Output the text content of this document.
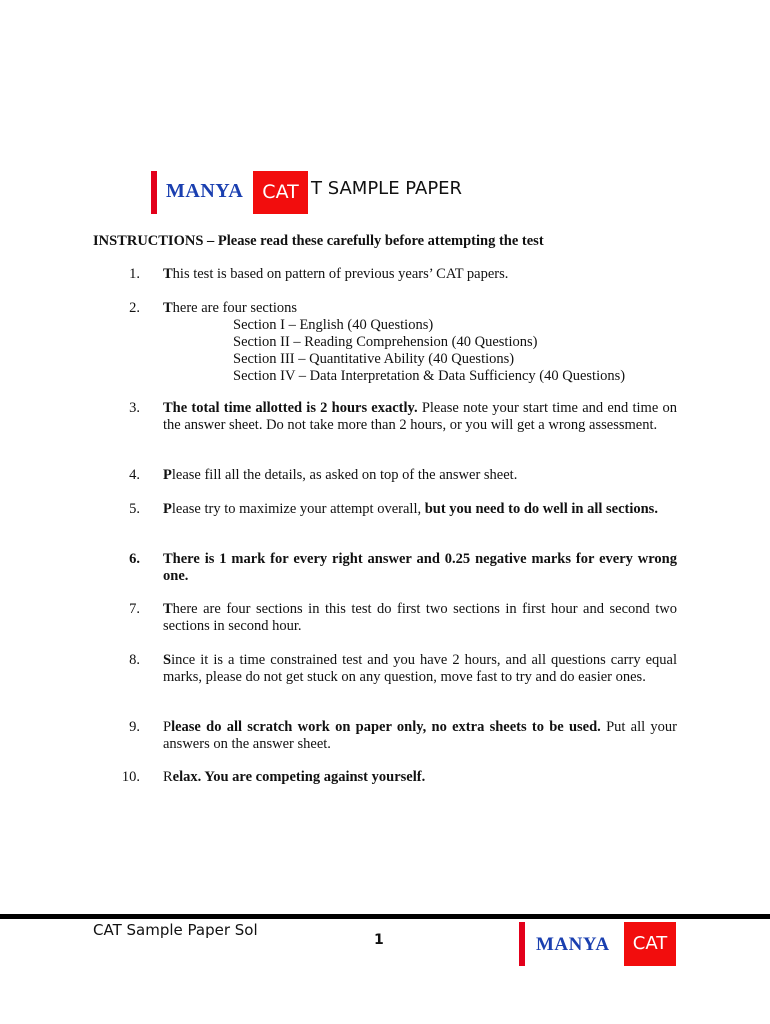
MANYA CAT T SAMPLE PAPER
INSTRUCTIONS – Please read these carefully before attempting the test
1. This test is based on pattern of previous years’ CAT papers.
2. There are four sections
Section I – English (40 Questions)
Section II – Reading Comprehension (40 Questions)
Section III – Quantitative Ability (40 Questions)
Section IV – Data Interpretation & Data Sufficiency (40 Questions)
3. The total time allotted is 2 hours exactly. Please note your start time and end time on the answer sheet. Do not take more than 2 hours, or you will get a wrong assessment.
4. Please fill all the details, as asked on top of the answer sheet.
5. Please try to maximize your attempt overall, but you need to do well in all sections.
6. There is 1 mark for every right answer and 0.25 negative marks for every wrong one.
7. There are four sections in this test do first two sections in first hour and second two sections in second hour.
8. Since it is a time constrained test and you have 2 hours, and all questions carry equal marks, please do not get stuck on any question, move fast to try and do easier ones.
9. Please do all scratch work on paper only, no extra sheets to be used. Put all your answers on the answer sheet.
10. Relax. You are competing against yourself.
CAT Sample Paper Sol
1	MANYA	CAT
